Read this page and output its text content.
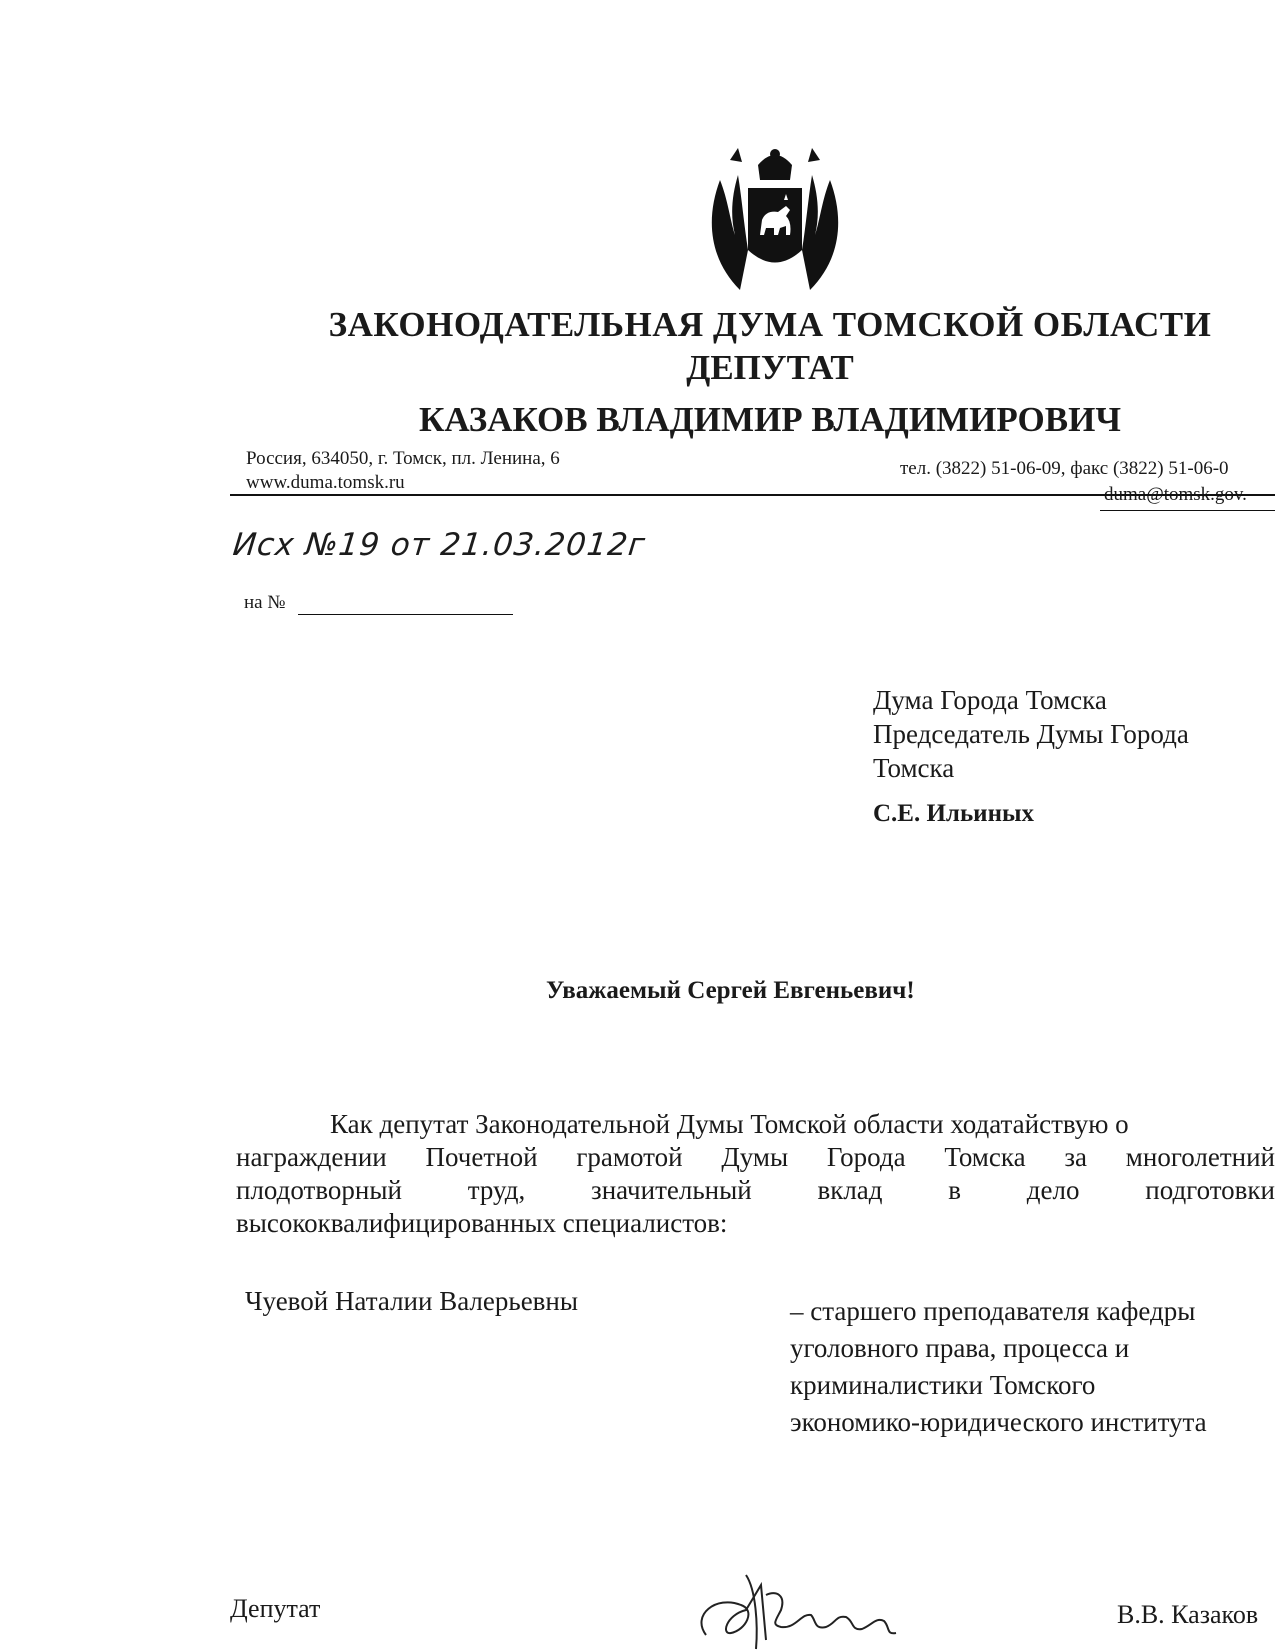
ЗАКОНОДАТЕЛЬНАЯ ДУМА ТОМСКОЙ ОБЛАСТИ
ДЕПУТАТ
КАЗАКОВ ВЛАДИМИР ВЛАДИМИРОВИЧ
Россия, 634050, г. Томск, пл. Ленина, 6
www.duma.tomsk.ru
тел. (3822) 51-06-09, факс (3822) 51-06-0
duma@tomsk.gov.
Исх №19 от 21.03.2012г
на №
Дума Города Томска
Председатель Думы Города
Томска
С.Е. Ильиных
Уважаемый Сергей Евгеньевич!
Как депутат Законодательной Думы Томской области ходатайствую о
награждении Почетной грамотой Думы Города Томска за многолетний
плодотворный труд, значительный вклад в дело подготовки
высококвалифицированных специалистов:
Чуевой Наталии Валерьевны	– старшего преподавателя кафедры
уголовного права, процесса и
криминалистики Томского
экономико-юридического института
Депутат	В.В. Казаков
